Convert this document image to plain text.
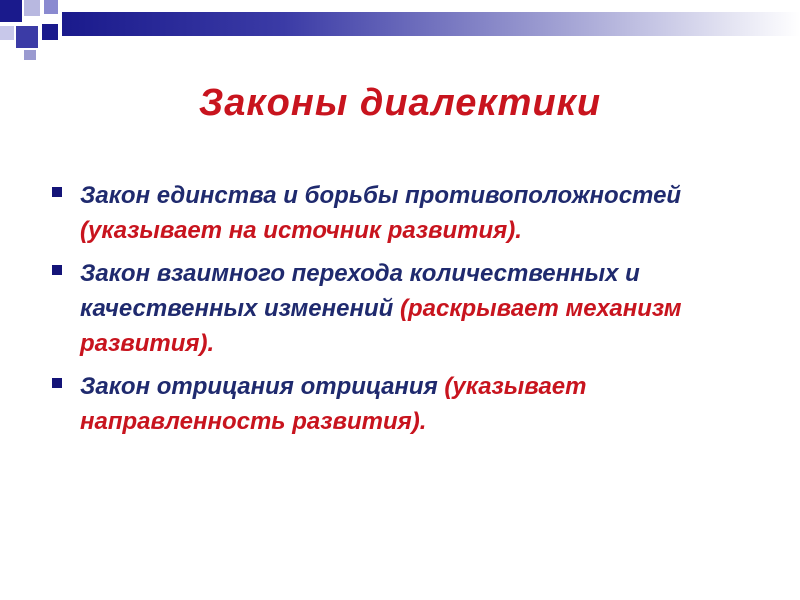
Законы диалектики
Закон единства и борьбы противоположностей (указывает на источник развития).
Закон взаимного перехода количественных и качественных изменений (раскрывает механизм развития).
Закон отрицания отрицания (указывает направленность развития).
